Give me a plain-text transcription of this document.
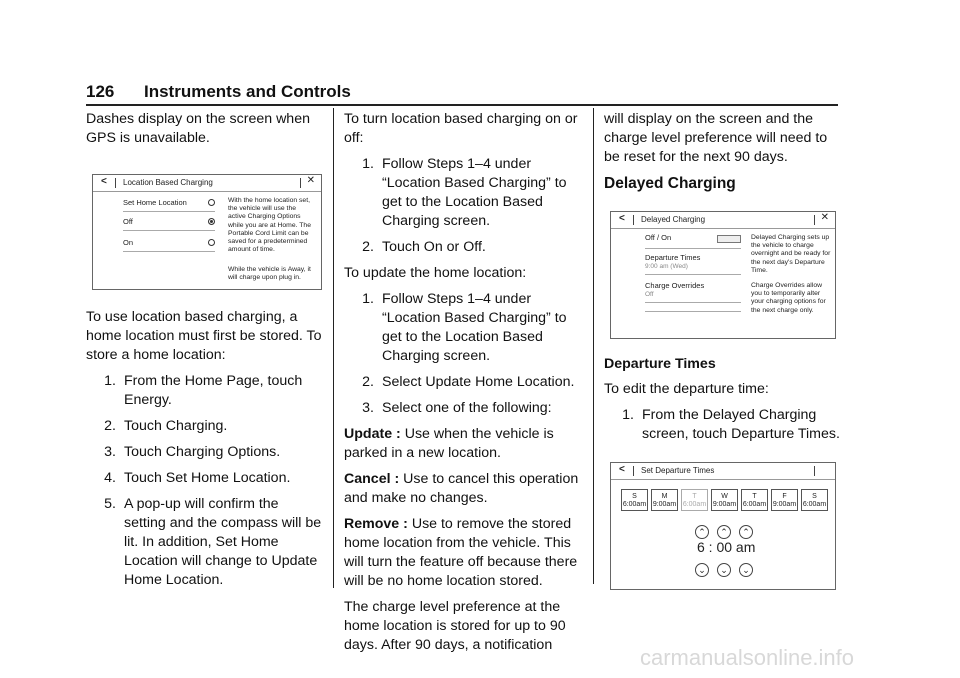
126 Instruments and Controls

Dashes display on the screen when GPS is unavailable.

< Location Based Charging	✕
Set Home Location
Off
On
With the home location set, the vehicle will use the active Charging Options while you are at Home. The Portable Cord Limit can be saved for a predetermined amount of time.
While the vehicle is Away, it will charge upon plug in.

To use location based charging, a home location must first be stored. To store a home location:

1. From the Home Page, touch Energy.
2. Touch Charging.
3. Touch Charging Options.
4. Touch Set Home Location.
5. A pop-up will confirm the setting and the compass will be lit. In addition, Set Home Location will change to Update Home Location.

To turn location based charging on or off:

1. Follow Steps 1–4 under “Location Based Charging” to get to the Location Based Charging screen.
2. Touch On or Off.

To update the home location:

1. Follow Steps 1–4 under “Location Based Charging” to get to the Location Based Charging screen.
2. Select Update Home Location.
3. Select one of the following:

Update : Use when the vehicle is parked in a new location.

Cancel : Use to cancel this operation and make no changes.

Remove : Use to remove the stored home location from the vehicle. This will turn the feature off because there will be no home location stored.

The charge level preference at the home location is stored for up to 90 days. After 90 days, a notification

will display on the screen and the charge level preference will need to be reset for the next 90 days.

Delayed Charging
< Delayed Charging	✕
Off / On
Departure Times
9:00 am (Wed)
Charge Overrides
Off
Delayed Charging sets up the vehicle to charge overnight and be ready for the next day's Departure Time.
Charge Overrides allow you to temporarily alter your charging options for the next charge only.
Departure Times

To edit the departure time:

1. From the Delayed Charging screen, touch Departure Times.
< Set Departure Times
S
6:00am
M
9:00am
T
6:00am
W
9:00am
T
6:00am
F
9:00am
S
6:00am
⌃	⌃	⌃
6 : 00 am
⌄	⌄	⌄
carmanualsonline.info
